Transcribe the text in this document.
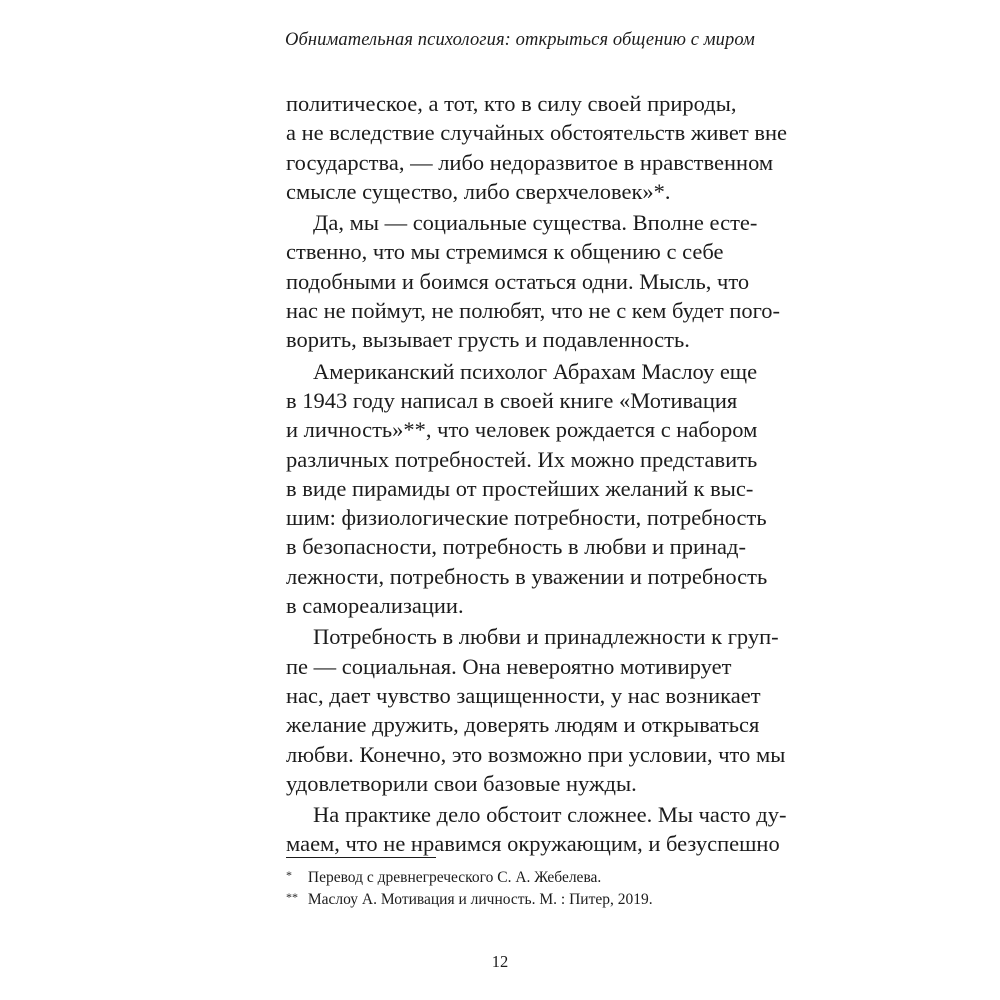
Обнимательная психология: открыться общению с миром
политическое, а тот, кто в силу своей природы,
а не вследствие случайных обстоятельств живет вне
государства, — либо недоразвитое в нравственном
смысле существо, либо сверхчеловек»*.
Да, мы — социальные существа. Вполне есте-
ственно, что мы стремимся к общению с себе
подобными и боимся остаться одни. Мысль, что
нас не поймут, не полюбят, что не с кем будет пого-
ворить, вызывает грусть и подавленность.
Американский психолог Абрахам Маслоу еще
в 1943 году написал в своей книге «Мотивация
и личность»**, что человек рождается с набором
различных потребностей. Их можно представить
в виде пирамиды от простейших желаний к выс-
шим: физиологические потребности, потребность
в безопасности, потребность в любви и принад-
лежности, потребность в уважении и потребность
в самореализации.
Потребность в любви и принадлежности к груп-
пе — социальная. Она невероятно мотивирует
нас, дает чувство защищенности, у нас возникает
желание дружить, доверять людям и открываться
любви. Конечно, это возможно при условии, что мы
удовлетворили свои базовые нужды.
На практике дело обстоит сложнее. Мы часто ду-
маем, что не нравимся окружающим, и безуспешно
* Перевод с древнегреческого С. А. Жебелева.
** Маслоу А. Мотивация и личность. М. : Питер, 2019.
12
